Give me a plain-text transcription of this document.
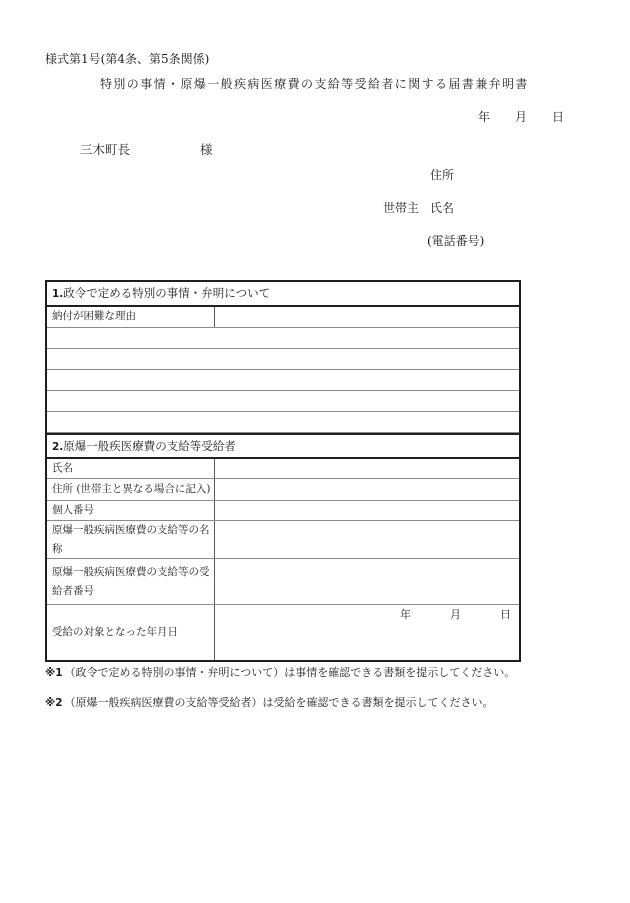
様式第1号(第4条、第5条関係)
特別の事情・原爆一般疾病医療費の支給等受給者に関する届書兼弁明書
年 月 日
三木町長	様
住所
世帯主 氏名
(電話番号)
1.政令で定める特別の事情・弁明について
納付が困難な理由
2.原爆一般疾医療費の支給等受給者
氏名
住所 (世帯主と異なる場合に記入)
個人番号
原爆一般疾病医療費の支給等の名称
原爆一般疾病医療費の支給等の受給者番号
受給の対象となった年月日
年	月	日
※1 （政令で定める特別の事情・弁明について）は事情を確認できる書類を提示してください。
※2 （原爆一般疾病医療費の支給等受給者）は受給を確認できる書類を提示してください。
